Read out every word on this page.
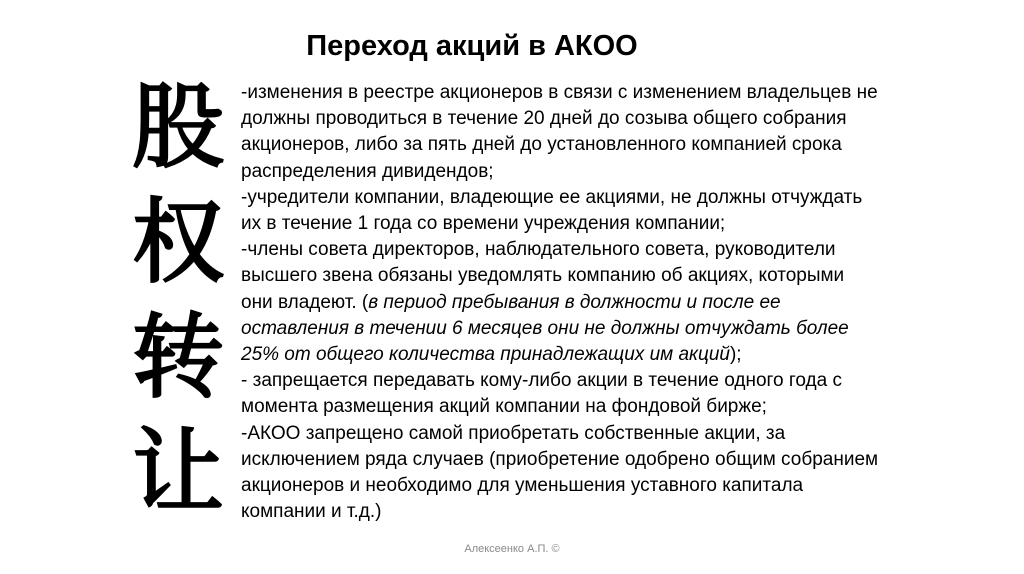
Переход акций в АКОО
股
权
转
让

-изменения в реестре акционеров в связи с изменением владельцев не должны проводиться в течение 20 дней до созыва общего собрания акционеров, либо за пять дней до установленного компанией срока распределения дивидендов;

-учредители компании, владеющие ее акциями, не должны отчуждать их в течение 1 года со времени учреждения компании;

-члены совета директоров, наблюдательного совета, руководители высшего звена обязаны уведомлять компанию об акциях, которыми они владеют. (в период пребывания в должности и после ее оставления в течении 6 месяцев они не должны отчуждать более 25% от общего количества принадлежащих им акций);

- запрещается передавать кому-либо акции в течение одного года с момента размещения акций компании на фондовой бирже;

-АКОО запрещено самой приобретать собственные акции, за исключением ряда случаев (приобретение одобрено общим собранием акционеров и необходимо для уменьшения уставного капитала компании и т.д.)

Алексеенко А.П. ©
